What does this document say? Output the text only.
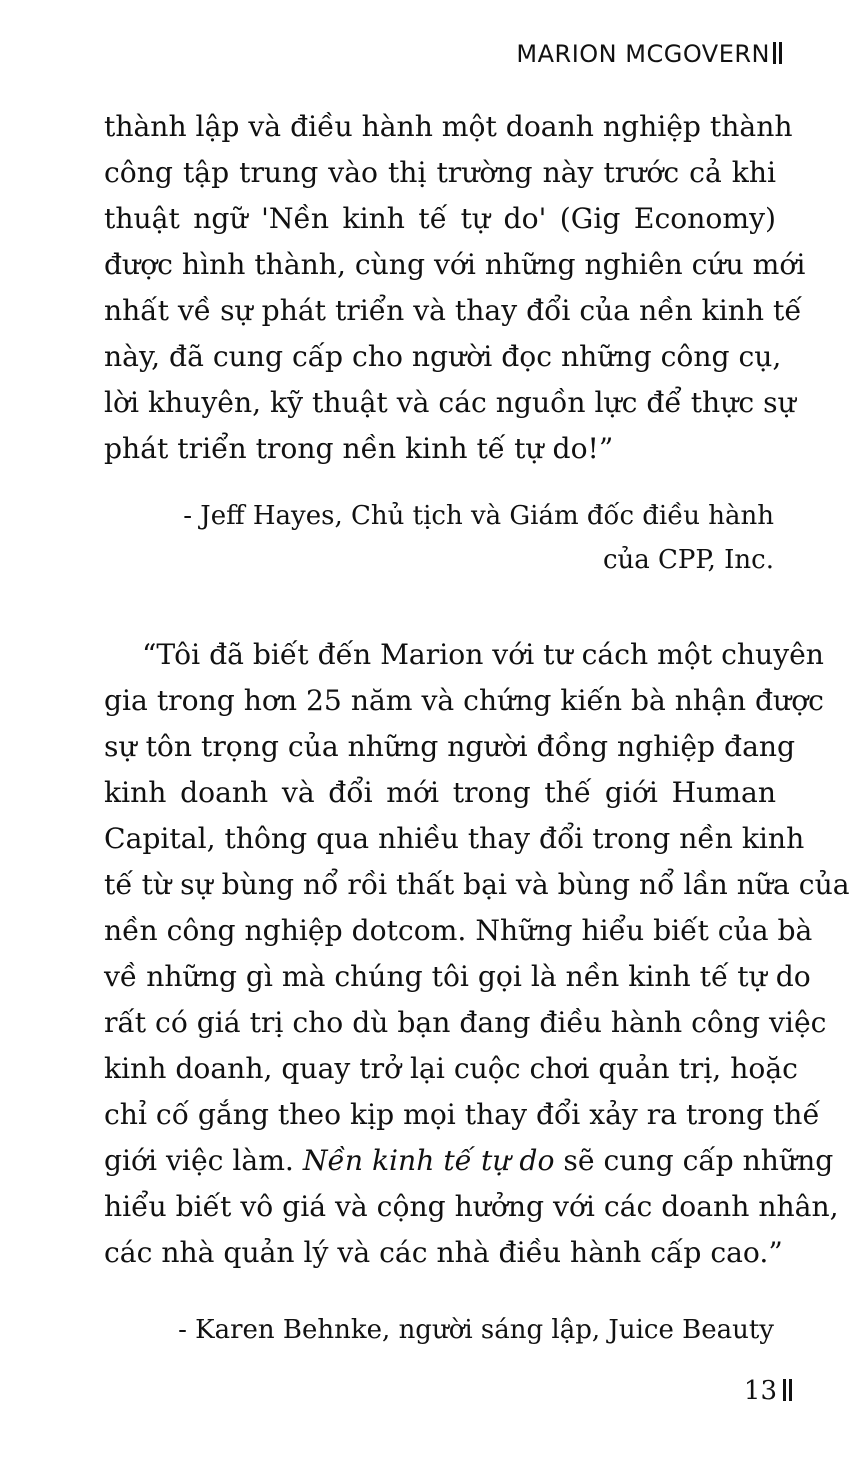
MARION MCGOVERN
thành lập và điều hành một doanh nghiệp thành
công tập trung vào thị trường này trước cả khi
thuật ngữ 'Nền kinh tế tự do' (Gig Economy)
được hình thành, cùng với những nghiên cứu mới
nhất về sự phát triển và thay đổi của nền kinh tế
này, đã cung cấp cho người đọc những công cụ,
lời khuyên, kỹ thuật và các nguồn lực để thực sự
phát triển trong nền kinh tế tự do!”
- Jeff Hayes, Chủ tịch và Giám đốc điều hành
của CPP, Inc.
“Tôi đã biết đến Marion với tư cách một chuyên
gia trong hơn 25 năm và chứng kiến bà nhận được
sự tôn trọng của những người đồng nghiệp đang
kinh doanh và đổi mới trong thế giới Human
Capital, thông qua nhiều thay đổi trong nền kinh
tế từ sự bùng nổ rồi thất bại và bùng nổ lần nữa của
nền công nghiệp dotcom. Những hiểu biết của bà
về những gì mà chúng tôi gọi là nền kinh tế tự do
rất có giá trị cho dù bạn đang điều hành công việc
kinh doanh, quay trở lại cuộc chơi quản trị, hoặc
chỉ cố gắng theo kịp mọi thay đổi xảy ra trong thế
giới việc làm. Nền kinh tế tự do sẽ cung cấp những
hiểu biết vô giá và cộng hưởng với các doanh nhân,
các nhà quản lý và các nhà điều hành cấp cao.”
- Karen Behnke, người sáng lập, Juice Beauty
13
